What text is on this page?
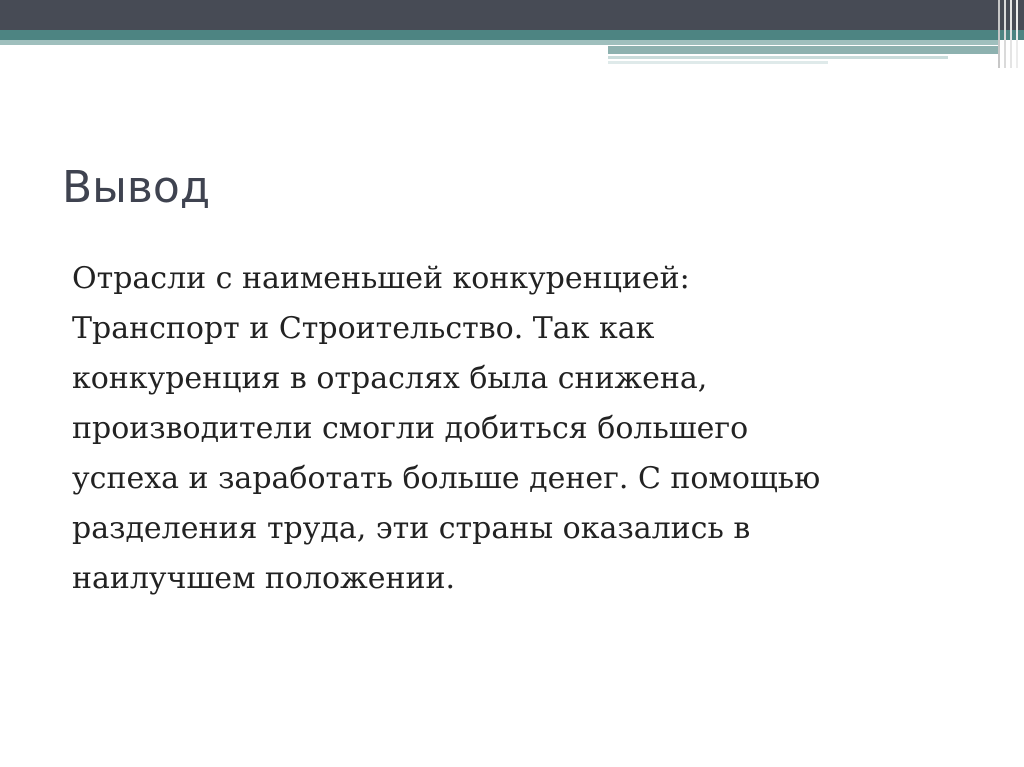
Вывод

Отрасли с наименьшей конкуренцией:
Транспорт и Строительство. Так как
конкуренция в отраслях была снижена,
производители смогли добиться большего
успеха и заработать больше денег. С помощью
разделения труда, эти страны оказались в
наилучшем положении.
